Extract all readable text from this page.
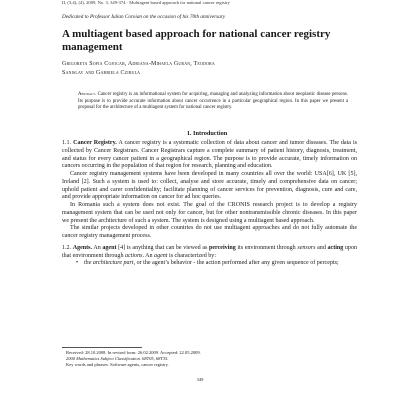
II, (3,4), (4), 2009, No. 3, 349-374 · Multiagent based approach for national cancer registry
Dedicated to Professor Iulian Coroian on the occasion of his 70th anniversary
A multiagent based approach for national cancer registry management
Grigoreta Sofia Cojocar, Adriana-Mihaela Guran, Teodora
Sanislav and Gabriela Czibula

Abstract. Cancer registry is an informational system for acquiring, managing and analyzing information about neoplastic disease persons. Its purpose is to provide accurate information about cancer occurrence in a particular geographical region. In this paper we present a proposal for the architecture of a multiagent system for national cancer registry.

1. Introduction

1.1. Cancer Registry. A cancer registry is a systematic collection of data about cancer and tumor diseases. The data is collected by Cancer Registrars. Cancer Registrars capture a complete summary of patient history, diagnosis, treatment, and status for every cancer patient in a geographical region. The purpose is to provide accurate, timely information on cancers occurring in the population of that region for research, planning and education.

Cancer registry management systems have been developed in many countries all over the world: USA[6], UK [5], Ireland [2]. Such a system is used to: collect, analyse and store accurate, timely and comprehensive data on cancer; uphold patient and carer confidentiality; facilitate planning of cancer services for prevention, diagnosis, cure and care, and provide appropriate information on cancer for ad hoc queries.

In Romania such a system does not exist. The goal of the CRONIS research project is to develop a registry management system that can be used not only for cancer, but for other nontransmissible chronic diseases. In this paper we present the architecture of such a system. The system is designed using a multiagent based approach.

The similar projects developed in other countries do not use multiagent approaches and do not fully automate the cancer registry management process.

1.2. Agents. An agent [4] is anything that can be viewed as perceiving its environment through sensors and acting upon that environment through actions. An agent is characterized by:

• the architecture part, or the agent’s behavior - the action performed after any given sequence of percepts;
Received: 28.10.2008. In revised form: 26.02.2009. Accepted: 22.05.2009.
2000 Mathematics Subject Classification. 68T05, 68T35.
Key words and phrases. Software agents, cancer registry.
349
